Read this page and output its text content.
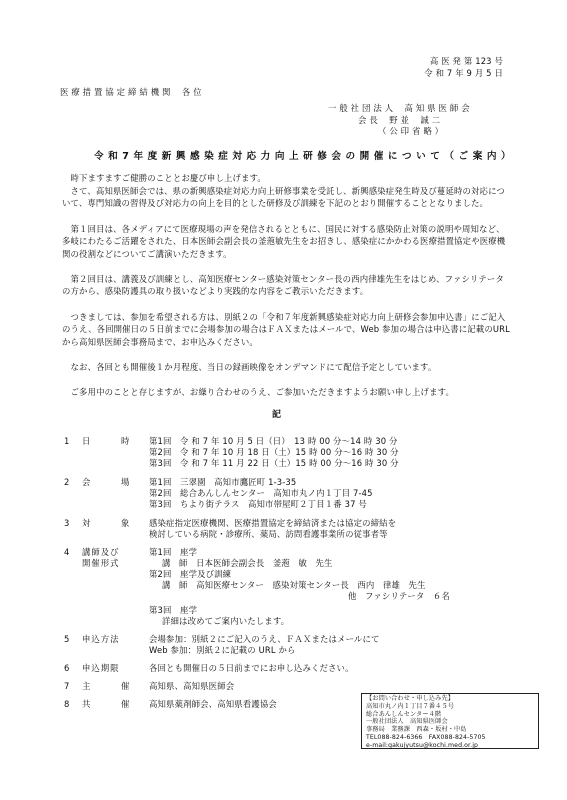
高 医 発 第 123 号
令 和 7 年 9 月 5 日
医 療 措 置 協 定 締 結 機 関　 各 位
一 般 社 団 法 人　 高 知 県 医 師 会
会 長　 野 並　 誠 二
（ 公 印 省 略 ）
令 和 7 年 度 新 興 感 染 症 対 応 力 向 上 研 修 会 の 開 催 に つ い て （ ご 案 内 ）
　時下ますますご健勝のこととお慶び申し上げます。
　さて、高知県医師会では、県の新興感染症対応力向上研修事業を受託し、新興感染症発生時及び蔓延時の対応について、専門知識の習得及び対応力の向上を目的とした研修及び訓練を下記のとおり開催することとなりました。
　第１回目は、各メディアにて医療現場の声を発信されるとともに、国民に対する感染防止対策の説明や周知など、多岐にわたるご活躍をされた、日本医師会副会長の釜萢敏先生をお招きし、感染症にかかわる医療措置協定や医療機関の役割などについてご講演いただきます。
　第２回目は、講義及び訓練とし、高知医療センター感染対策センター長の西内律雄先生をはじめ、ファシリテータの方から、感染防護具の取り扱いなどより実践的な内容をご教示いただきます。
　つきましては、参加を希望される方は、別紙２の「令和７年度新興感染症対応力向上研修会参加申込書」にご記入のうえ、各回開催日の５日前までに会場参加の場合はＦＡＸまたはメールで、Web 参加の場合は申込書に記載のURLから高知県医師会事務局まで、お申込みください。
　なお、各回とも開催後１か月程度、当日の録画映像をオンデマンドにて配信予定としています。
　ご多用中のことと存じますが、お繰り合わせのうえ、ご参加いただきますようお願い申し上げます。
記
1 日 時 第1回　令 和 7 年 10 月 5 日（日）　13 時 00 分～14 時 30 分
第2回　令 和 7 年 10 月 18 日（土）15 時 00 分～16 時 30 分
第3回　令 和 7 年 11 月 22 日（土）15 時 00 分～16 時 30 分
2 会 場 第1回　三翠園　高知市鷹匠町 1-3-35
第2回　総合あんしんセンター　高知市丸ノ内１丁目 7-45
第3回　ちより街テラス　高知市帯屋町２丁目１番 37 号
3 対 象 感染症指定医療機関、医療措置協定を締結済または協定の締結を
検討している病院・診療所、薬局、訪問看護事業所の従事者等
4 講師及び
開催形式
第1回　座学
講　師　日本医師会副会長　釜萢　敏　先生
第2回　座学及び訓練
講　師　高知医療センター　感染対策センター長　西内　律雄　先生
他　ファシリテータ　６名
第3回　座学
詳細は改めてご案内いたします。
5 申込方法	会場参加：別紙２にご記入のうえ、ＦＡＸまたはメールにて
Web 参加：別紙２に記載の URL から
6 申込期限	各回とも開催日の５日前までにお申し込みください。
7 主 催 高知県、高知県医師会
8 共 催 高知県薬剤師会、高知県看護協会
【お問い合わせ・申し込み先】
高知市丸ノ内１丁目７番４５号
総合あんしんセンター４階
一般社団法人　高知県医師会
事務局　業務課　西森・坂村・中島
TEL088-824-6366　FAX088-824-5705
e-mail:gakujyutsu@kochi.med.or.jp
